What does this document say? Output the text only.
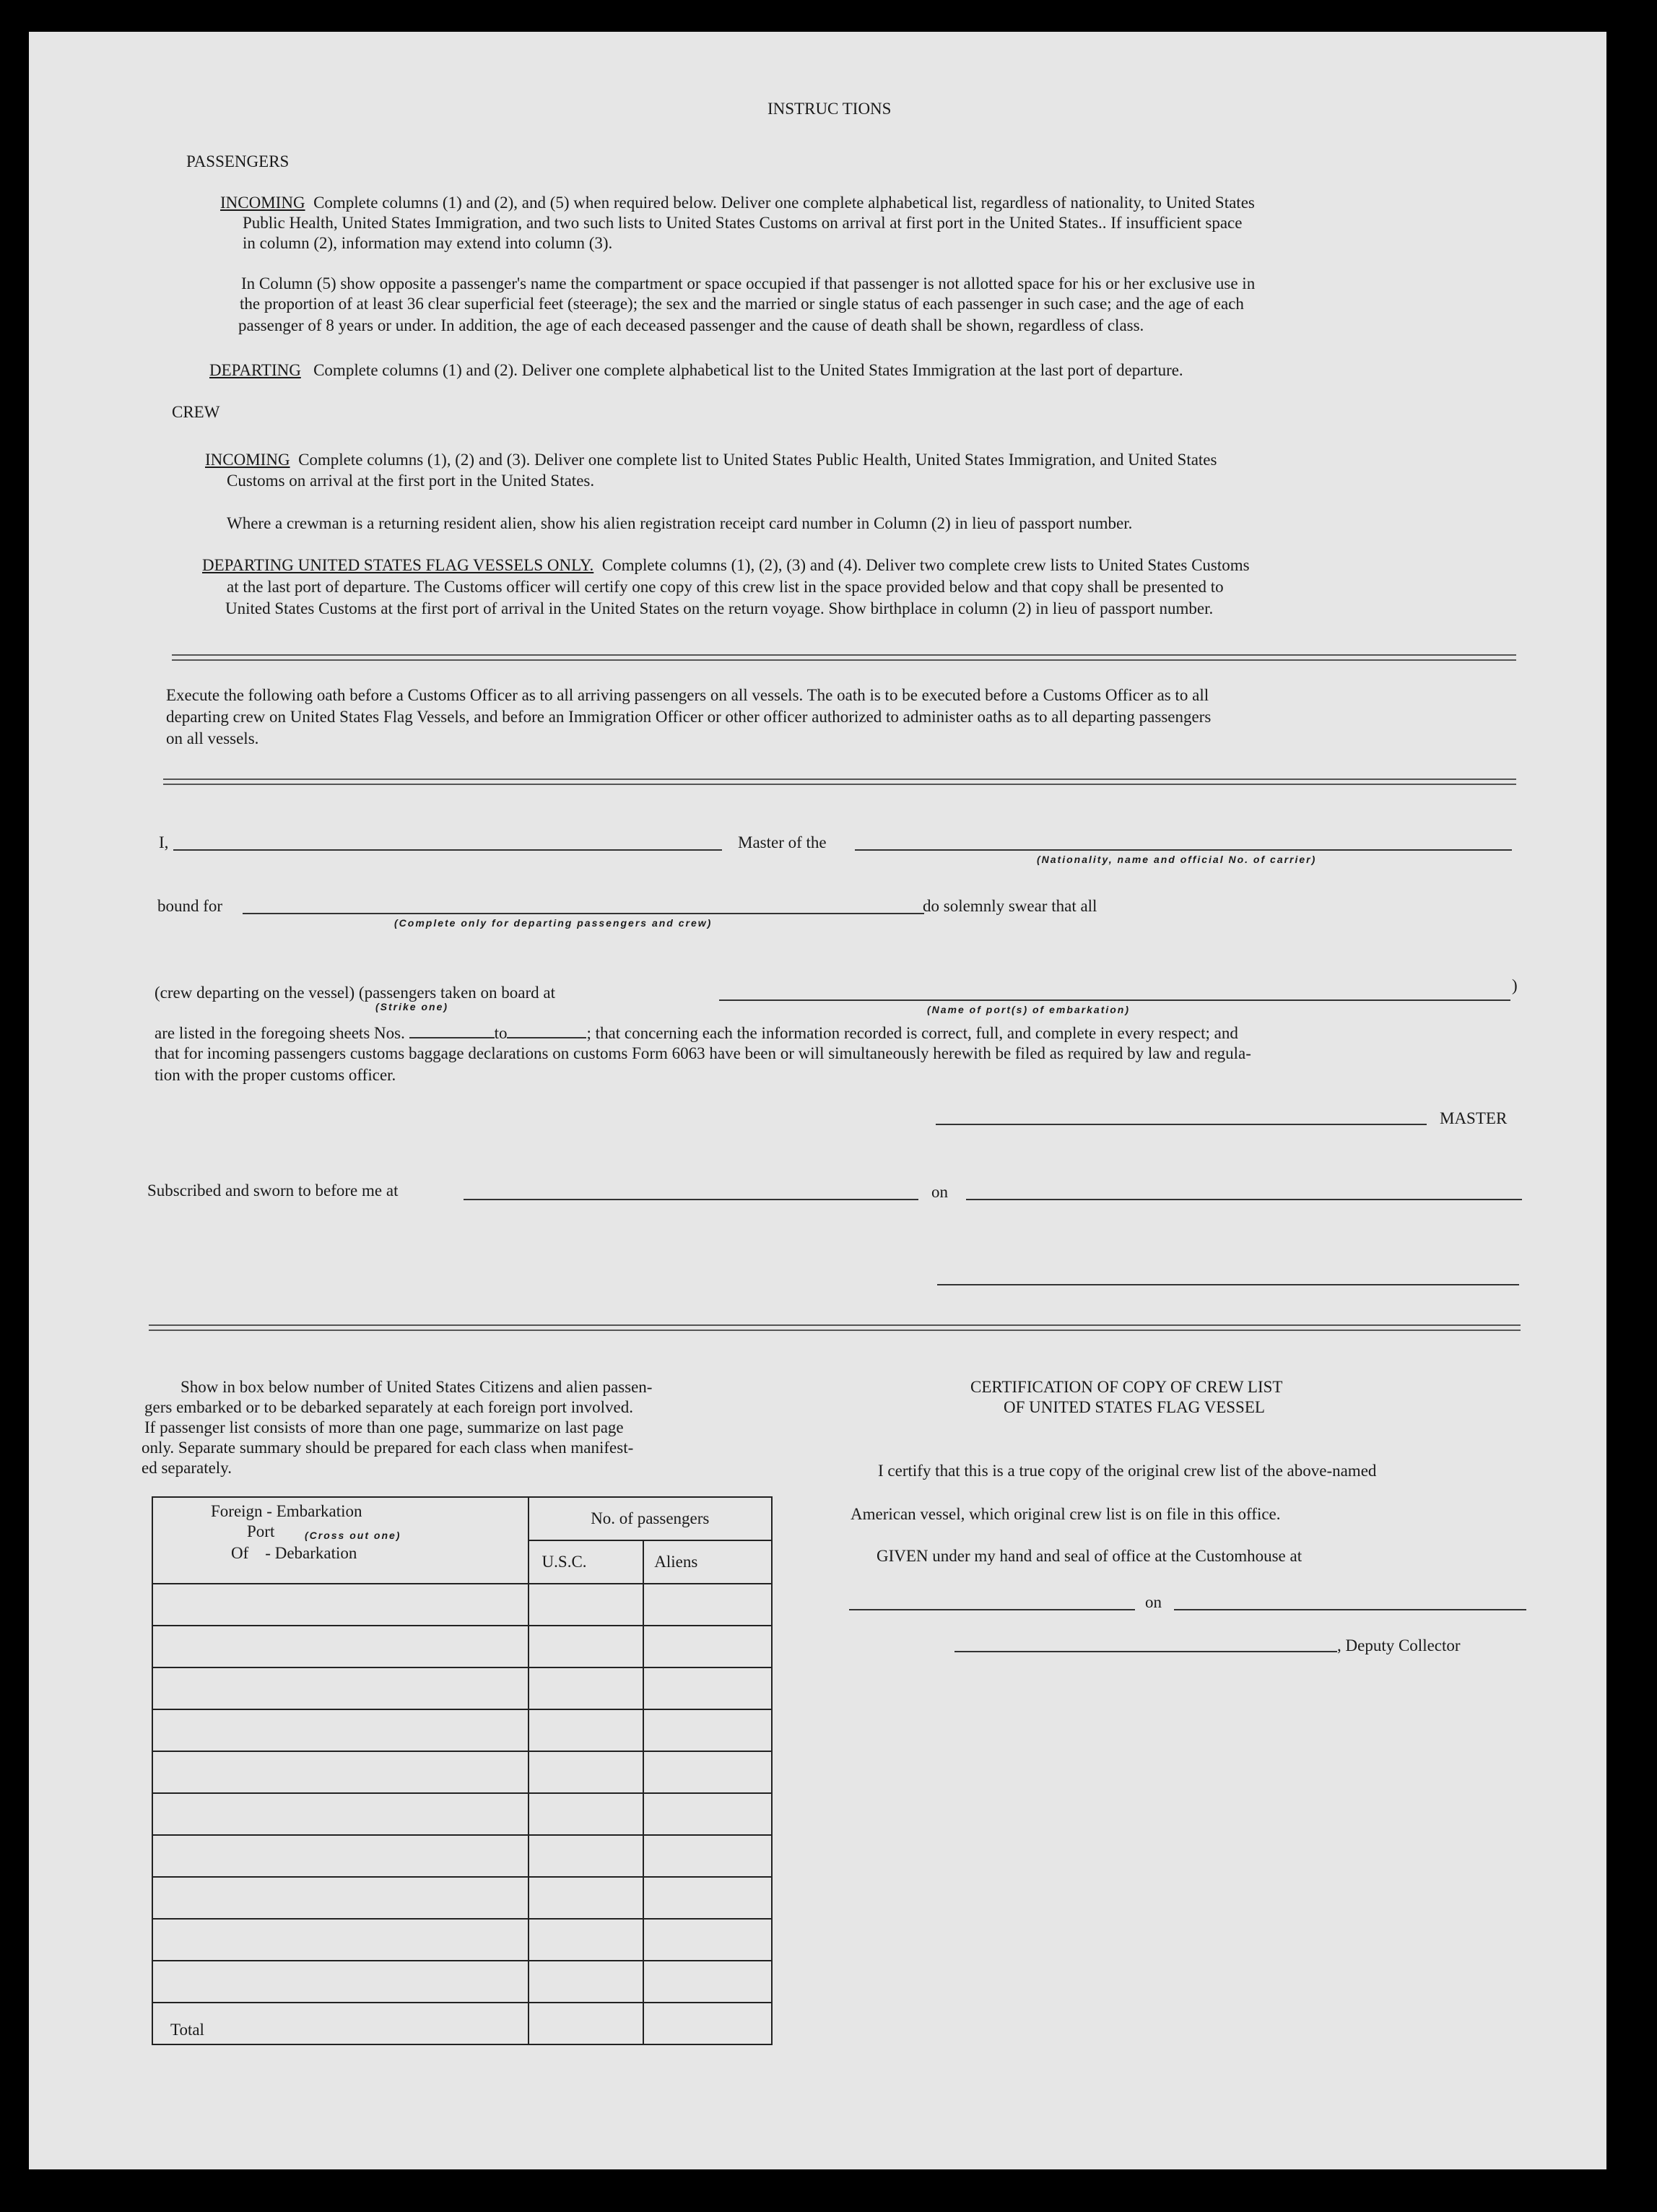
INSTRUC TIONS
PASSENGERS
INCOMING Complete columns (1) and (2), and (5) when required below. Deliver one complete alphabetical list, regardless of nationality, to United States
Public Health, United States Immigration, and two such lists to United States Customs on arrival at first port in the United States.. If insufficient space
in column (2), information may extend into column (3).
In Column (5) show opposite a passenger's name the compartment or space occupied if that passenger is not allotted space for his or her exclusive use in
the proportion of at least 36 clear superficial feet (steerage); the sex and the married or single status of each passenger in such case; and the age of each
passenger of 8 years or under. In addition, the age of each deceased passenger and the cause of death shall be shown, regardless of class.
DEPARTING Complete columns (1) and (2). Deliver one complete alphabetical list to the United States Immigration at the last port of departure.
CREW
INCOMING Complete columns (1), (2) and (3). Deliver one complete list to United States Public Health, United States Immigration, and United States
Customs on arrival at the first port in the United States.
Where a crewman is a returning resident alien, show his alien registration receipt card number in Column (2) in lieu of passport number.
DEPARTING UNITED STATES FLAG VESSELS ONLY. Complete columns (1), (2), (3) and (4). Deliver two complete crew lists to United States Customs
at the last port of departure. The Customs officer will certify one copy of this crew list in the space provided below and that copy shall be presented to
United States Customs at the first port of arrival in the United States on the return voyage. Show birthplace in column (2) in lieu of passport number.
Execute the following oath before a Customs Officer as to all arriving passengers on all vessels. The oath is to be executed before a Customs Officer as to all
departing crew on United States Flag Vessels, and before an Immigration Officer or other officer authorized to administer oaths as to all departing passengers
on all vessels.
I,	Master of the
(Nationality, name and official No. of carrier)
bound for	do solemnly swear that all
(Complete only for departing passengers and crew)
(crew departing on the vessel) (passengers taken on board at	)
(Strike one)	(Name of port(s) of embarkation)
are listed in the foregoing sheets Nos.	to	; that concerning each the information recorded is correct, full, and complete in every respect; and
that for incoming passengers customs baggage declarations on customs Form 6063 have been or will simultaneously herewith be filed as required by law and regula-
tion with the proper customs officer.
MASTER
Subscribed and sworn to before me at	on
Show in box below number of United States Citizens and alien passen-
gers embarked or to be debarked separately at each foreign port involved.
If passenger list consists of more than one page, summarize on last page
only. Separate summary should be prepared for each class when manifest-
ed separately.
Foreign - Embarkation
Port (Cross out one)
Of - Debarkation	No. of passengers	
	U.S.C.	Aliens

Total		
CERTIFICATION OF COPY OF CREW LIST
OF UNITED STATES FLAG VESSEL
I certify that this is a true copy of the original crew list of the above-named
American vessel, which original crew list is on file in this office.
GIVEN under my hand and seal of office at the Customhouse at
on
, Deputy Collector
